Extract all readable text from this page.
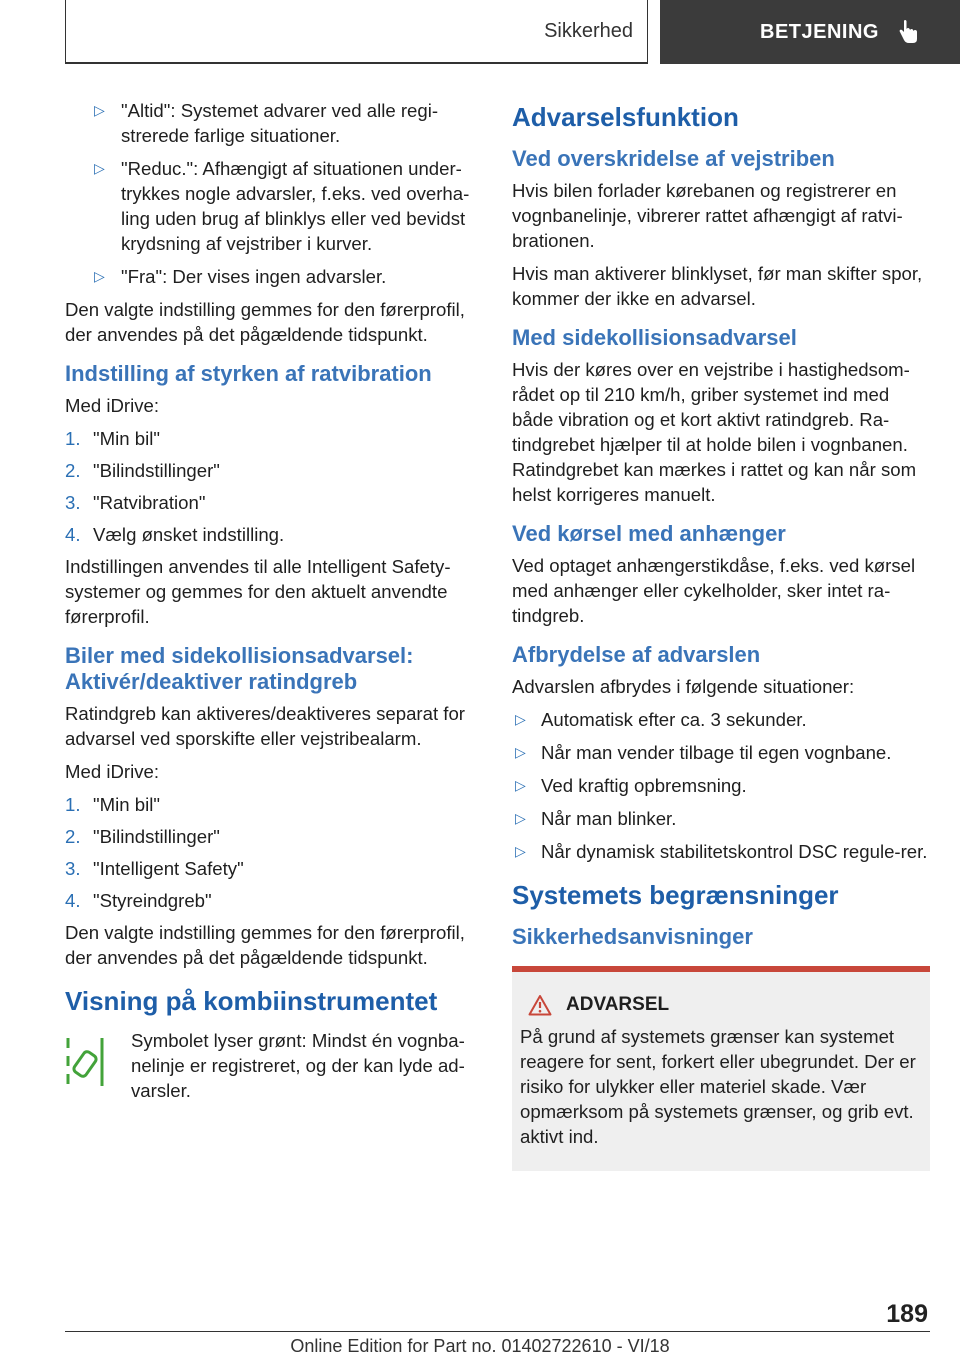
Sikkerhed	BETJENING
▷ "Altid": Systemet advarer ved alle regi-strerede farlige situationer.
▷ "Reduc.": Afhængigt af situationen under-trykkes nogle advarsler, f.eks. ved overha-ling uden brug af blinklys eller ved bevidst krydsning af vejstriber i kurver.
▷ "Fra": Der vises ingen advarsler.

Den valgte indstilling gemmes for den førerprofil, der anvendes på det pågældende tidspunkt.

Indstilling af styrken af ratvibration

Med iDrive:

1. "Min bil"
2. "Bilindstillinger"
3. "Ratvibration"
4. Vælg ønsket indstilling.

Indstillingen anvendes til alle Intelligent Safety-systemer og gemmes for den aktuelt anvendte førerprofil.

Biler med sidekollisionsadvarsel: Aktivér/deaktiver ratindgreb

Ratindgreb kan aktiveres/deaktiveres separat for advarsel ved sporskifte eller vejstribealarm.

Med iDrive:

1. "Min bil"
2. "Bilindstillinger"
3. "Intelligent Safety"
4. "Styreindgreb"

Den valgte indstilling gemmes for den førerprofil, der anvendes på det pågældende tidspunkt.

Visning på kombiinstrumentet

Symbolet lyser grønt: Mindst én vognba-nelinje er registreret, og der kan lyde ad-varsler.

Advarselsfunktion
Ved overskridelse af vejstriben

Hvis bilen forlader kørebanen og registrerer en vognbanelinje, vibrerer rattet afhængigt af ratvi-brationen.

Hvis man aktiverer blinklyset, før man skifter spor, kommer der ikke en advarsel.

Med sidekollisionsadvarsel

Hvis der køres over en vejstribe i hastighedsom-rådet op til 210 km/h, griber systemet ind med både vibration og et kort aktivt ratindgreb. Ra-tindgrebet hjælper til at holde bilen i vognbanen. Ratindgrebet kan mærkes i rattet og kan når som helst korrigeres manuelt.

Ved kørsel med anhænger

Ved optaget anhængerstikdåse, f.eks. ved kørsel med anhænger eller cykelholder, sker intet ra-tindgreb.

Afbrydelse af advarslen

Advarslen afbrydes i følgende situationer:

▷ Automatisk efter ca. 3 sekunder.
▷ Når man vender tilbage til egen vognbane.
▷ Ved kraftig opbremsning.
▷ Når man blinker.
▷ Når dynamisk stabilitetskontrol DSC regule-rer.
Systemets begrænsninger
Sikkerhedsanvisninger
ADVARSEL

På grund af systemets grænser kan systemet reagere for sent, forkert eller ubegrundet. Der er risiko for ulykker eller materiel skade. Vær opmærksom på systemets grænser, og grib evt. aktivt ind.

189
Online Edition for Part no. 01402722610 - VI/18
